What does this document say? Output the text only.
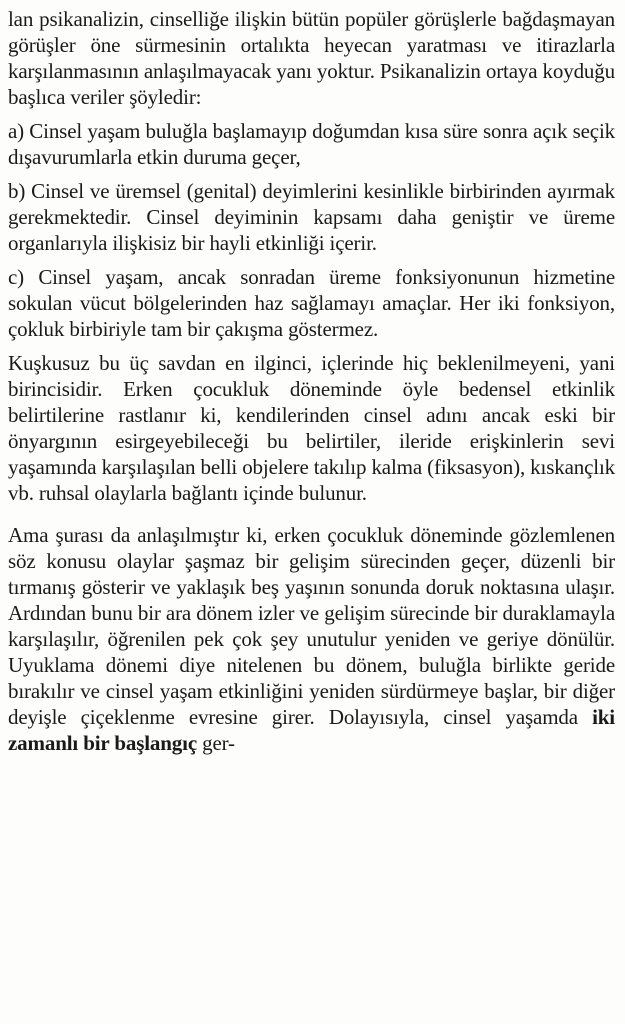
lan psikanalizin, cinselliğe ilişkin bütün popüler görüşlerle bağdaşmayan görüşler öne sürmesinin ortalıkta heyecan yaratması ve itirazlarla karşılanmasının anlaşılmayacak yanı yoktur. Psikanalizin ortaya koyduğu başlıca veriler şöyledir:

a) Cinsel yaşam buluğla başlamayıp doğumdan kısa süre sonra açık seçik dışavurumlarla etkin duruma geçer,

b) Cinsel ve üremsel (genital) deyimlerini kesinlikle birbirinden ayırmak gerekmektedir. Cinsel deyiminin kapsamı daha geniştir ve üreme organlarıyla ilişkisiz bir hayli etkinliği içerir.

c) Cinsel yaşam, ancak sonradan üreme fonksiyonunun hizmetine sokulan vücut bölgelerinden haz sağlamayı amaçlar. Her iki fonksiyon, çokluk birbiriyle tam bir çakışma göstermez.

Kuşkusuz bu üç savdan en ilginci, içlerinde hiç beklenilmeyeni, yani birincisidir. Erken çocukluk döneminde öyle bedensel etkinlik belirtilerine rastlanır ki, kendilerinden cinsel adını ancak eski bir önyargının esirgeyebileceği bu belirtiler, ileride erişkinlerin sevi yaşamında karşılaşılan belli objelere takılıp kalma (fiksasyon), kıskançlık vb. ruhsal olaylarla bağlantı içinde bulunur.

Ama şurası da anlaşılmıştır ki, erken çocukluk döneminde gözlemlenen söz konusu olaylar şaşmaz bir gelişim sürecinden geçer, düzenli bir tırmanış gösterir ve yaklaşık beş yaşının sonunda doruk noktasına ulaşır. Ardından bunu bir ara dönem izler ve gelişim sürecinde bir duraklamayla karşılaşılır, öğrenilen pek çok şey unutulur yeniden ve geriye dönülür. Uyuklama dönemi diye nitelenen bu dönem, buluğla birlikte geride bırakılır ve cinsel yaşam etkinliğini yeniden sürdürmeye başlar, bir diğer deyişle çiçeklenme evresine girer. Dolayısıyla, cinsel yaşamda iki zamanlı bir başlangıç ger-
